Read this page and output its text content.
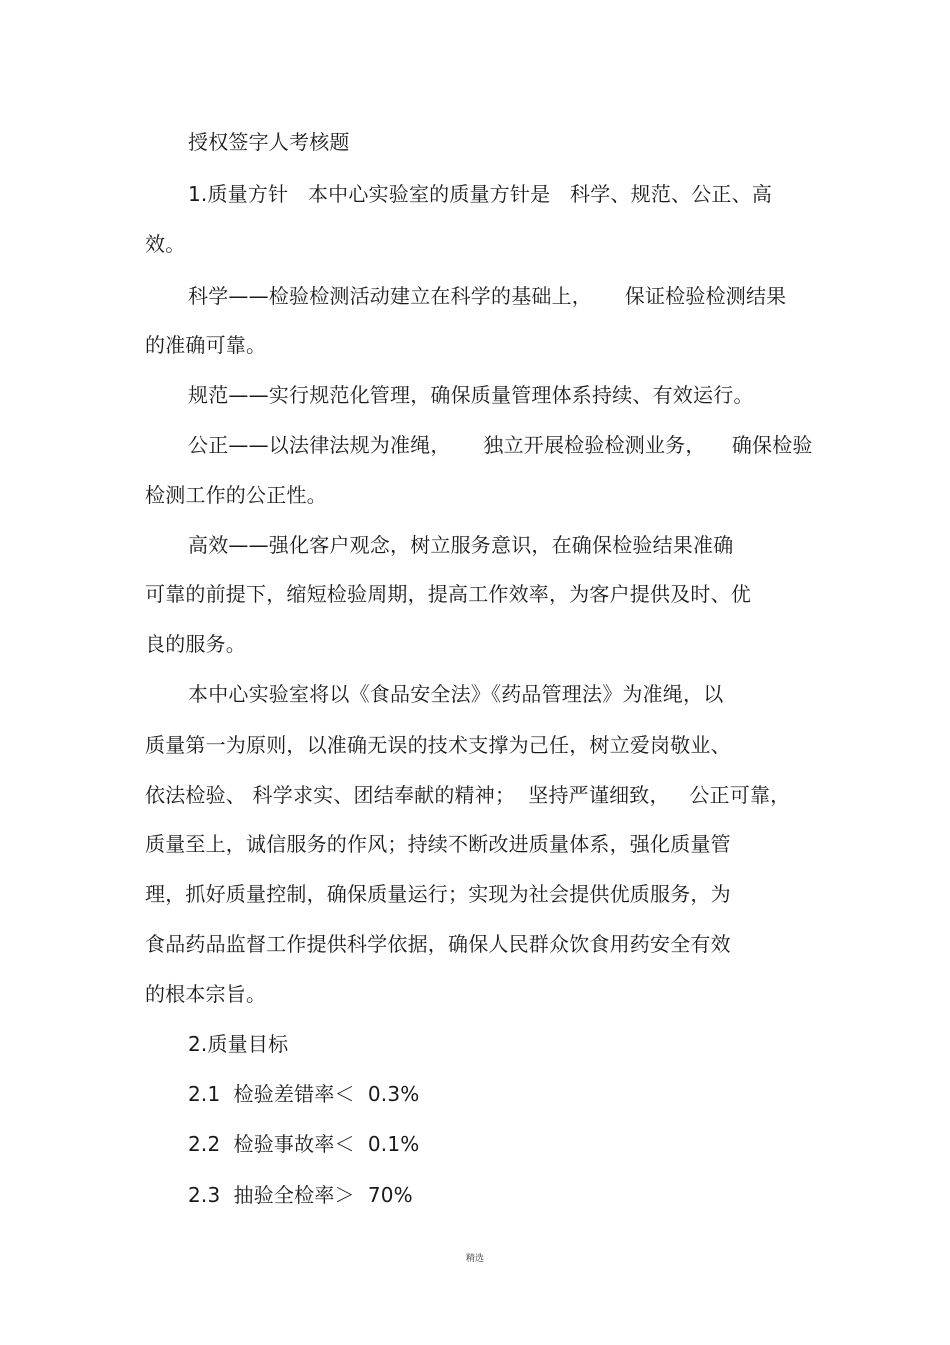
授权签字人考核题
1.质量方针   本中心实验室的质量方针是   科学、规范、公正、高
效。
科学——检验检测活动建立在科学的基础上，     保证检验检测结果
的准确可靠。
规范——实行规范化管理，确保质量管理体系持续、有效运行。
公正——以法律法规为准绳，     独立开展检验检测业务，    确保检验
检测工作的公正性。
高效——强化客户观念，树立服务意识，在确保检验结果准确
可靠的前提下，缩短检验周期，提高工作效率，为客户提供及时、优
良的服务。
本中心实验室将以《食品安全法》《药品管理法》为准绳，以
质量第一为原则，以准确无误的技术支撑为己任，树立爱岗敬业、
依法检验、 科学求实、团结奉献的精神；  坚持严谨细致，   公正可靠，
质量至上，诚信服务的作风；持续不断改进质量体系，强化质量管
理，抓好质量控制，确保质量运行；实现为社会提供优质服务，为
食品药品监督工作提供科学依据，确保人民群众饮食用药安全有效
的根本宗旨。
2.质量目标
2.1  检验差错率＜  0.3%
2.2  检验事故率＜  0.1%
2.3  抽验全检率＞  70%
精选
